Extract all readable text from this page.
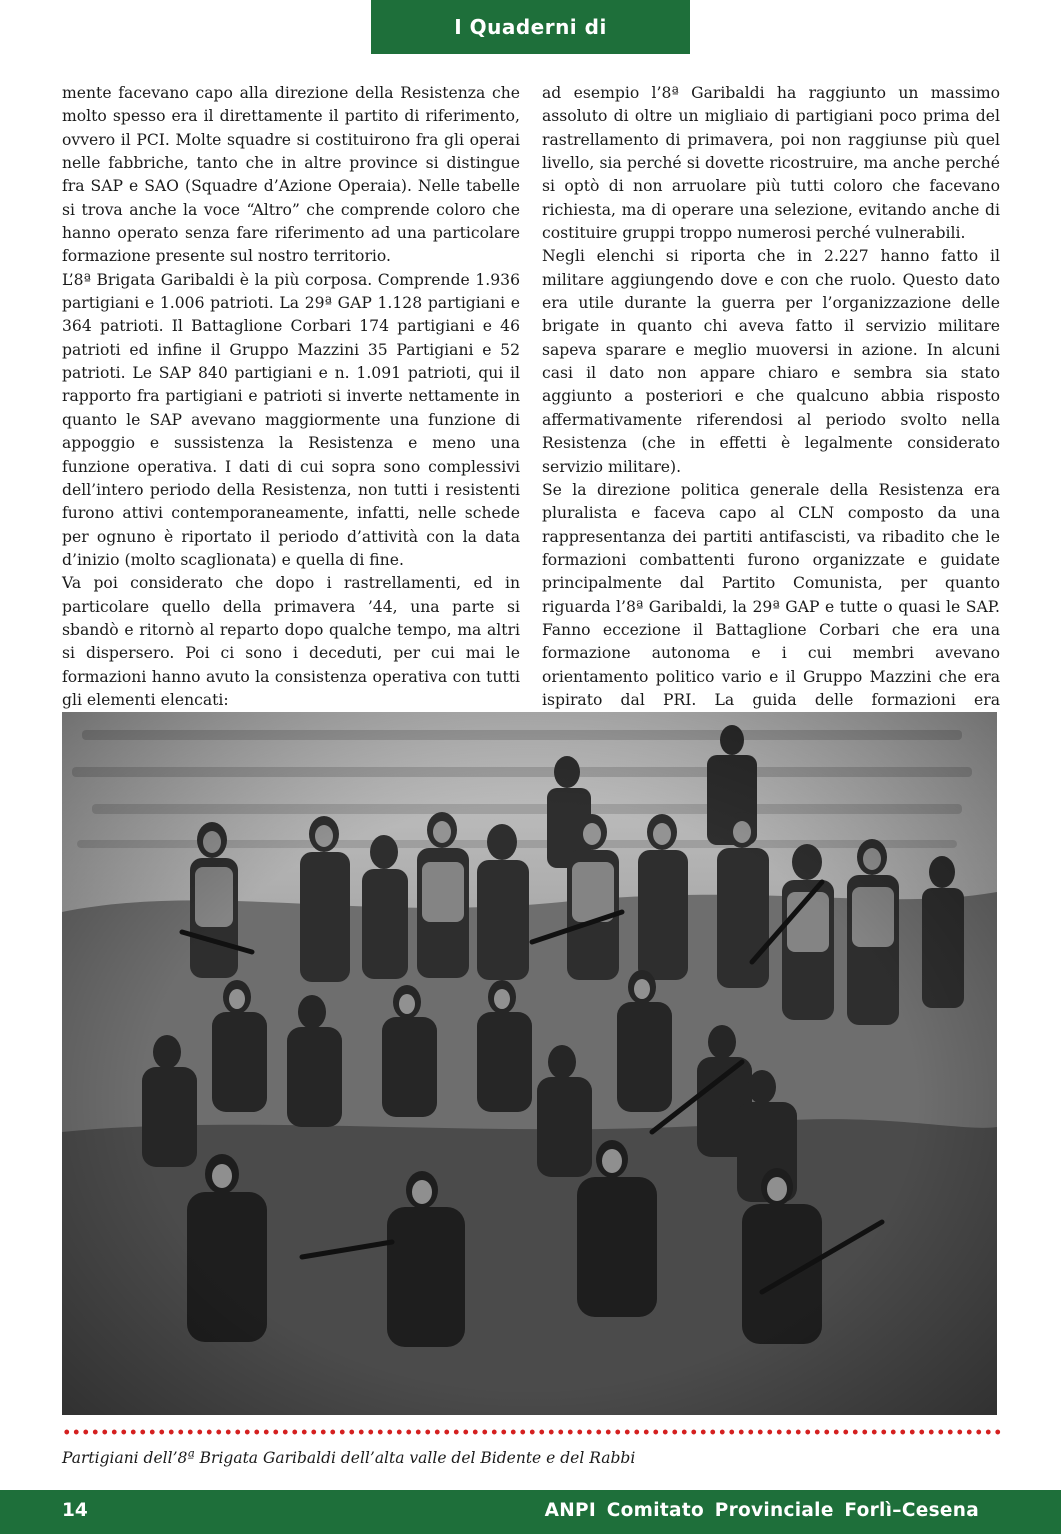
I Quaderni di

mente facevano capo alla direzione della Resistenza che molto spesso era il direttamente il partito di riferimento, ovvero il PCI. Molte squadre si costituirono fra gli operai nelle fabbriche, tanto che in altre province si distingue fra SAP e SAO (Squadre d’Azione Operaia). Nelle tabelle si trova anche la voce “Altro” che comprende coloro che hanno operato senza fare riferimento ad una particolare formazione presente sul nostro territorio.

L’8ª Brigata Garibaldi è la più corposa. Comprende 1.936 partigiani e 1.006 patrioti. La 29ª GAP 1.128 partigiani e 364 patrioti. Il Battaglione Corbari 174 partigiani e 46 patrioti ed infine il Gruppo Mazzini 35 Partigiani e 52 patrioti. Le SAP 840 partigiani e n. 1.091 patrioti, qui il rapporto fra partigiani e patrioti si inverte nettamente in quanto le SAP avevano maggiormente una funzione di appoggio e sussistenza la Resistenza e meno una funzione operativa. I dati di cui sopra sono complessivi dell’intero periodo della Resistenza, non tutti i resistenti furono attivi contemporaneamente, infatti, nelle schede per ognuno è riportato il periodo d’attività con la data d’inizio (molto scaglionata) e quella di fine.

Va poi considerato che dopo i rastrellamenti, ed in particolare quello della primavera ’44, una parte si sbandò e ritornò al reparto dopo qualche tempo, ma altri si dispersero. Poi ci sono i deceduti, per cui mai le formazioni hanno avuto la consistenza operativa con tutti gli elementi elencati:

ad esempio l’8ª Garibaldi ha raggiunto un massimo assoluto di oltre un migliaio di partigiani poco prima del rastrellamento di primavera, poi non raggiunse più quel livello, sia perché si dovette ricostruire, ma anche perché si optò di non arruolare più tutti coloro che facevano richiesta, ma di operare una selezione, evitando anche di costituire gruppi troppo numerosi perché vulnerabili.

Negli elenchi si riporta che in 2.227 hanno fatto il militare aggiungendo dove e con che ruolo. Questo dato era utile durante la guerra per l’organizzazione delle brigate in quanto chi aveva fatto il servizio militare sapeva sparare e meglio muoversi in azione. In alcuni casi il dato non appare chiaro e sembra sia stato aggiunto a posteriori e che qualcuno abbia risposto affermativamente riferendosi al periodo svolto nella Resistenza (che in effetti è legalmente considerato servizio militare).

Se la direzione politica generale della Resistenza era pluralista e faceva capo al CLN composto da una rappresentanza dei partiti antifascisti, va ribadito che le formazioni combattenti furono organizzate e guidate principalmente dal Partito Comunista, per quanto riguarda l’8ª Garibaldi, la 29ª GAP e tutte o quasi le SAP. Fanno eccezione il Battaglione Corbari che era una formazione autonoma e i cui membri avevano orientamento politico vario e il Gruppo Mazzini che era ispirato dal PRI. La guida delle formazioni era

Partigiani dell’8ª Brigata Garibaldi dell’alta valle del Bidente e del Rabbi
14	ANPI Comitato Provinciale Forlì–Cesena
